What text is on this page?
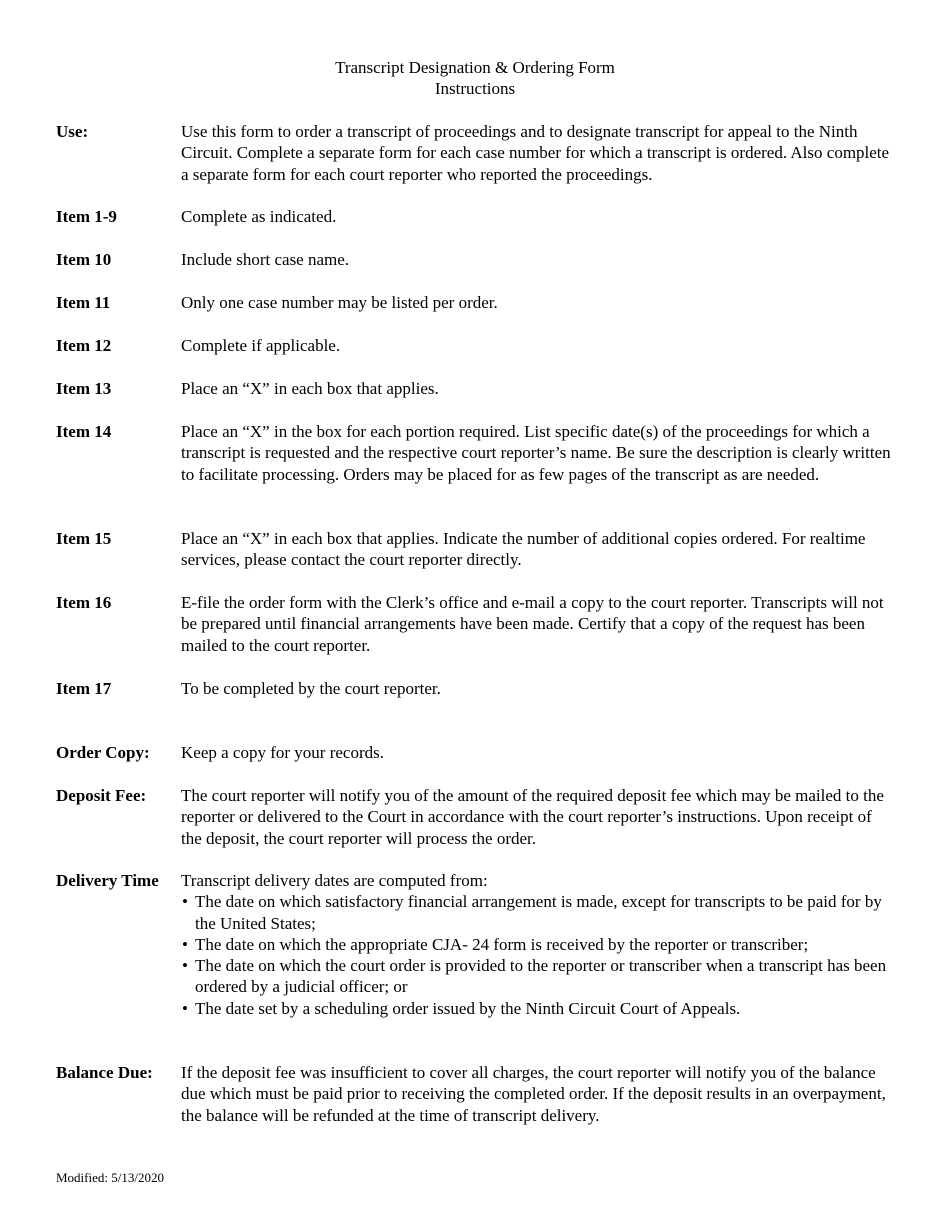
Transcript Designation & Ordering Form
Instructions
Use:	Use this form to order a transcript of proceedings and to designate transcript for appeal to the Ninth Circuit. Complete a separate form for each case number for which a transcript is ordered. Also complete a separate form for each court reporter who reported the proceedings.
Item 1-9	Complete as indicated.
Item 10	Include short case name.
Item 11	Only one case number may be listed per order.
Item 12	Complete if applicable.
Item 13	Place an “X” in each box that applies.
Item 14	Place an “X” in the box for each portion required. List specific date(s) of the proceedings for which a transcript is requested and the respective court reporter’s name. Be sure the description is clearly written to facilitate processing. Orders may be placed for as few pages of the transcript as are needed.
Item 15	Place an “X” in each box that applies. Indicate the number of additional copies ordered. For realtime services, please contact the court reporter directly.
Item 16	E-file the order form with the Clerk’s office and e-mail a copy to the court reporter. Transcripts will not be prepared until financial arrangements have been made. Certify that a copy of the request has been mailed to the court reporter.
Item 17	To be completed by the court reporter.
Order Copy: Keep a copy for your records.
Deposit Fee: The court reporter will notify you of the amount of the required deposit fee which may be mailed to the reporter or delivered to the Court in accordance with the court reporter’s instructions. Upon receipt of the deposit, the court reporter will process the order.
Delivery Time Transcript delivery dates are computed from:

• The date on which satisfactory financial arrangement is made, except for transcripts to be paid for by the United States;
• The date on which the appropriate CJA- 24 form is received by the reporter or transcriber;
• The date on which the court order is provided to the reporter or transcriber when a transcript has been ordered by a judicial officer; or
• The date set by a scheduling order issued by the Ninth Circuit Court of Appeals.
Balance Due: If the deposit fee was insufficient to cover all charges, the court reporter will notify you of the balance due which must be paid prior to receiving the completed order. If the deposit results in an overpayment, the balance will be refunded at the time of transcript delivery.
Modified: 5/13/2020
